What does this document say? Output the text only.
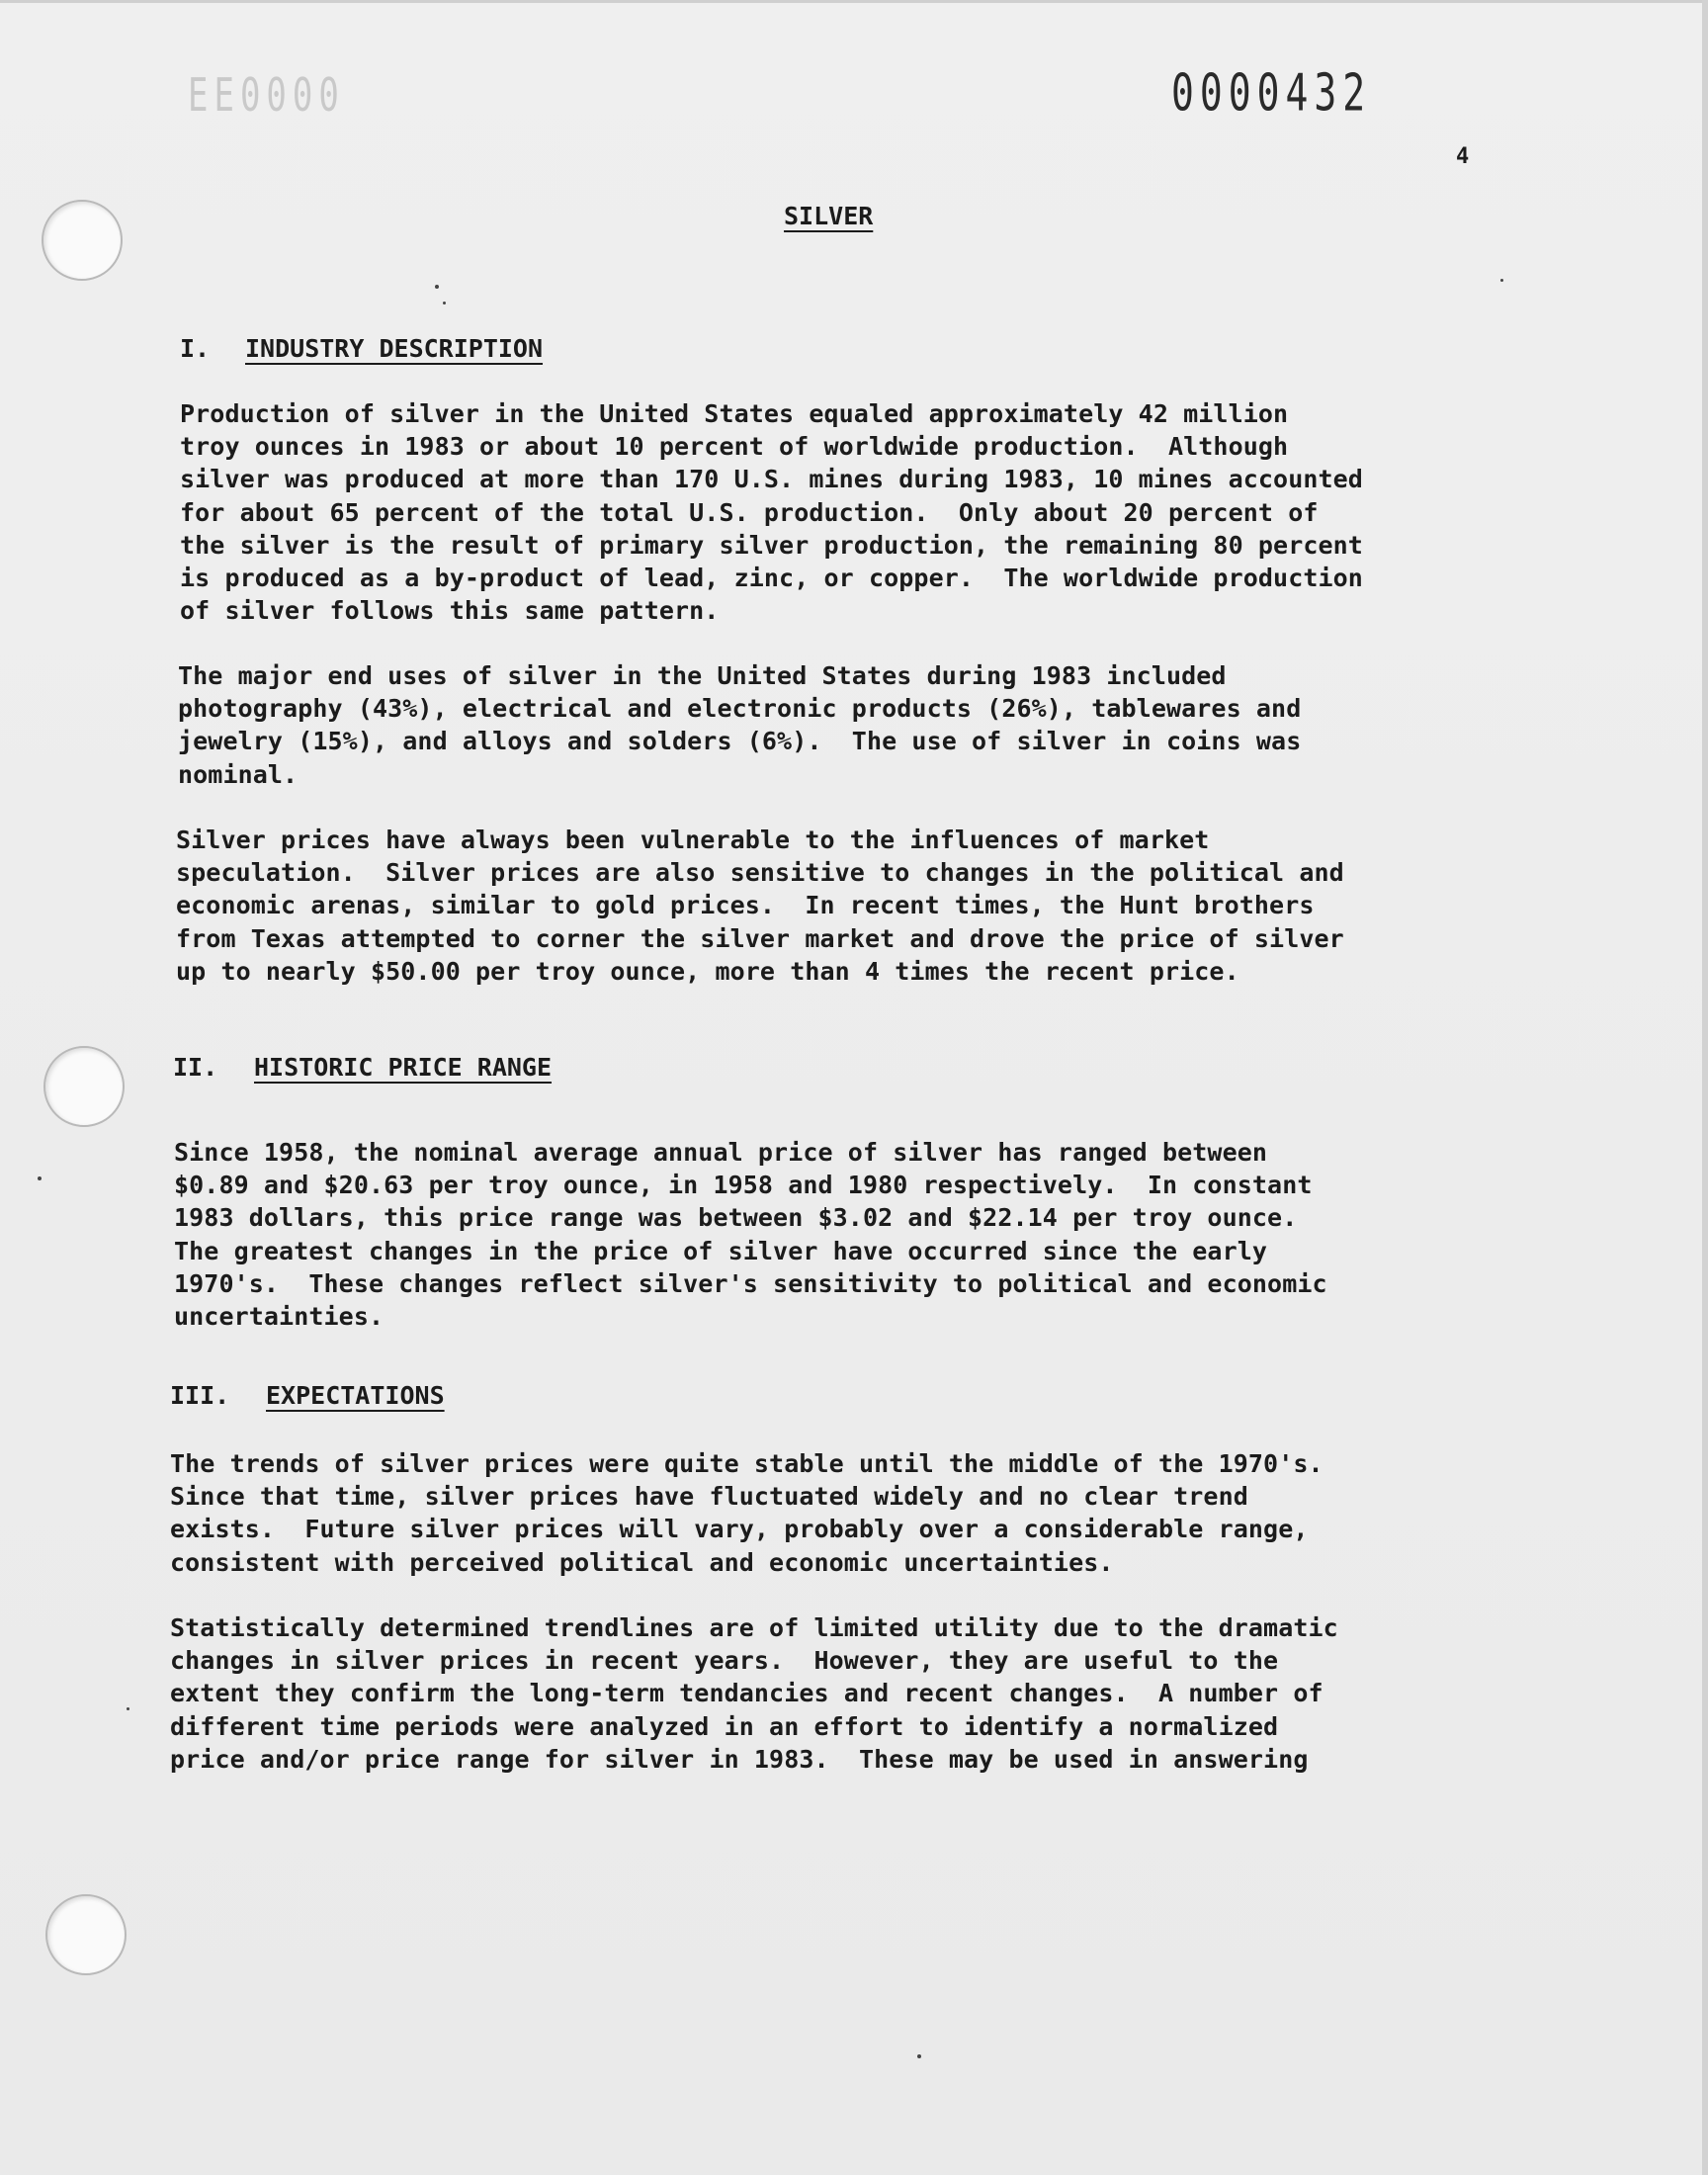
EE0000	0000432
4
SILVER
I. INDUSTRY DESCRIPTION
Production of silver in the United States equaled approximately 42 million
troy ounces in 1983 or about 10 percent of worldwide production.  Although
silver was produced at more than 170 U.S. mines during 1983, 10 mines accounted
for about 65 percent of the total U.S. production.  Only about 20 percent of
the silver is the result of primary silver production, the remaining 80 percent
is produced as a by-product of lead, zinc, or copper.  The worldwide production
of silver follows this same pattern.
The major end uses of silver in the United States during 1983 included
photography (43%), electrical and electronic products (26%), tablewares and
jewelry (15%), and alloys and solders (6%).  The use of silver in coins was
nominal.
Silver prices have always been vulnerable to the influences of market
speculation.  Silver prices are also sensitive to changes in the political and
economic arenas, similar to gold prices.  In recent times, the Hunt brothers
from Texas attempted to corner the silver market and drove the price of silver
up to nearly $50.00 per troy ounce, more than 4 times the recent price.
II. HISTORIC PRICE RANGE
Since 1958, the nominal average annual price of silver has ranged between
$0.89 and $20.63 per troy ounce, in 1958 and 1980 respectively.  In constant
1983 dollars, this price range was between $3.02 and $22.14 per troy ounce.
The greatest changes in the price of silver have occurred since the early
1970's.  These changes reflect silver's sensitivity to political and economic
uncertainties.
III. EXPECTATIONS
The trends of silver prices were quite stable until the middle of the 1970's.
Since that time, silver prices have fluctuated widely and no clear trend
exists.  Future silver prices will vary, probably over a considerable range,
consistent with perceived political and economic uncertainties.
Statistically determined trendlines are of limited utility due to the dramatic
changes in silver prices in recent years.  However, they are useful to the
extent they confirm the long-term tendancies and recent changes.  A number of
different time periods were analyzed in an effort to identify a normalized
price and/or price range for silver in 1983.  These may be used in answering
